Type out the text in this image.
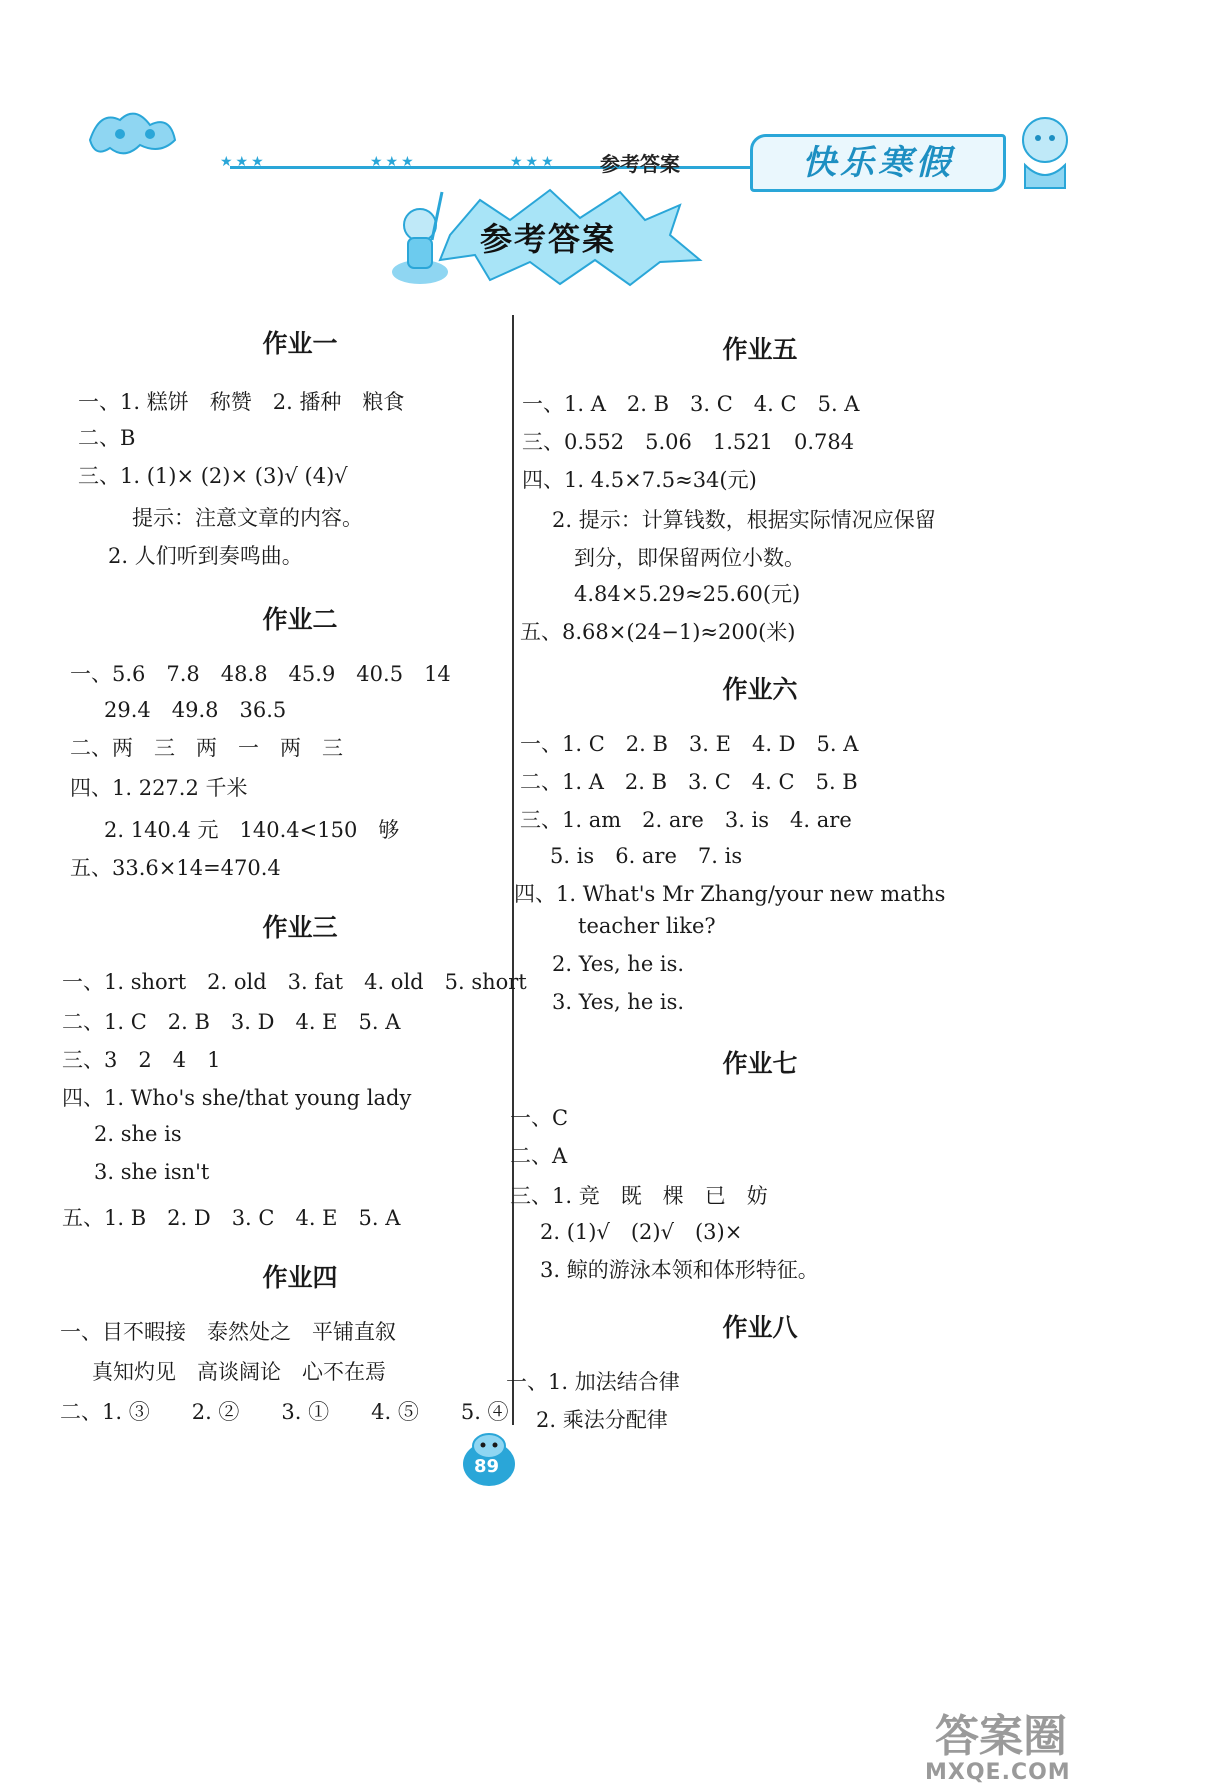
★★★	★★★	★★★ 参考答案	快乐寒假
参考答案
作业一
一、1. 糕饼　称赞　2. 播种　粮食
二、B
三、1. (1)× (2)× (3)√ (4)√
提示：注意文章的内容。
2. 人们听到奏鸣曲。
作业二
一、5.6　7.8　48.8　45.9　40.5　14
29.4　49.8　36.5
二、两　三　两　一　两　三
四、1. 227.2 千米
2. 140.4 元　140.4<150　够
五、33.6×14=470.4
作业三
一、1. short　2. old　3. fat　4. old　5. short
二、1. C　2. B　3. D　4. E　5. A
三、3　2　4　1
四、1. Who's she/that young lady
2. she is
3. she isn't
五、1. B　2. D　3. C　4. E　5. A
作业四
一、目不暇接　泰然处之　平铺直叙
真知灼见　高谈阔论　心不在焉
二、1. ③　　2. ②　　3. ①　　4. ⑤　　5. ④
作业五
一、1. A　2. B　3. C　4. C　5. A
三、0.552　5.06　1.521　0.784
四、1. 4.5×7.5≈34(元)
2. 提示：计算钱数，根据实际情况应保留
到分，即保留两位小数。
4.84×5.29≈25.60(元)
五、8.68×(24−1)≈200(米)
作业六
一、1. C　2. B　3. E　4. D　5. A
二、1. A　2. B　3. C　4. C　5. B
三、1. am　2. are　3. is　4. are
5. is　6. are　7. is
四、1. What's Mr Zhang/your new maths
teacher like?
2. Yes, he is.
3. Yes, he is.
作业七
一、C
二、A
三、1. 竞　既　棵　已　妨
2. (1)√　(2)√　(3)×
3. 鲸的游泳本领和体形特征。
作业八
一、1. 加法结合律
2. 乘法分配律
89
答案圈
MXQE.COM
